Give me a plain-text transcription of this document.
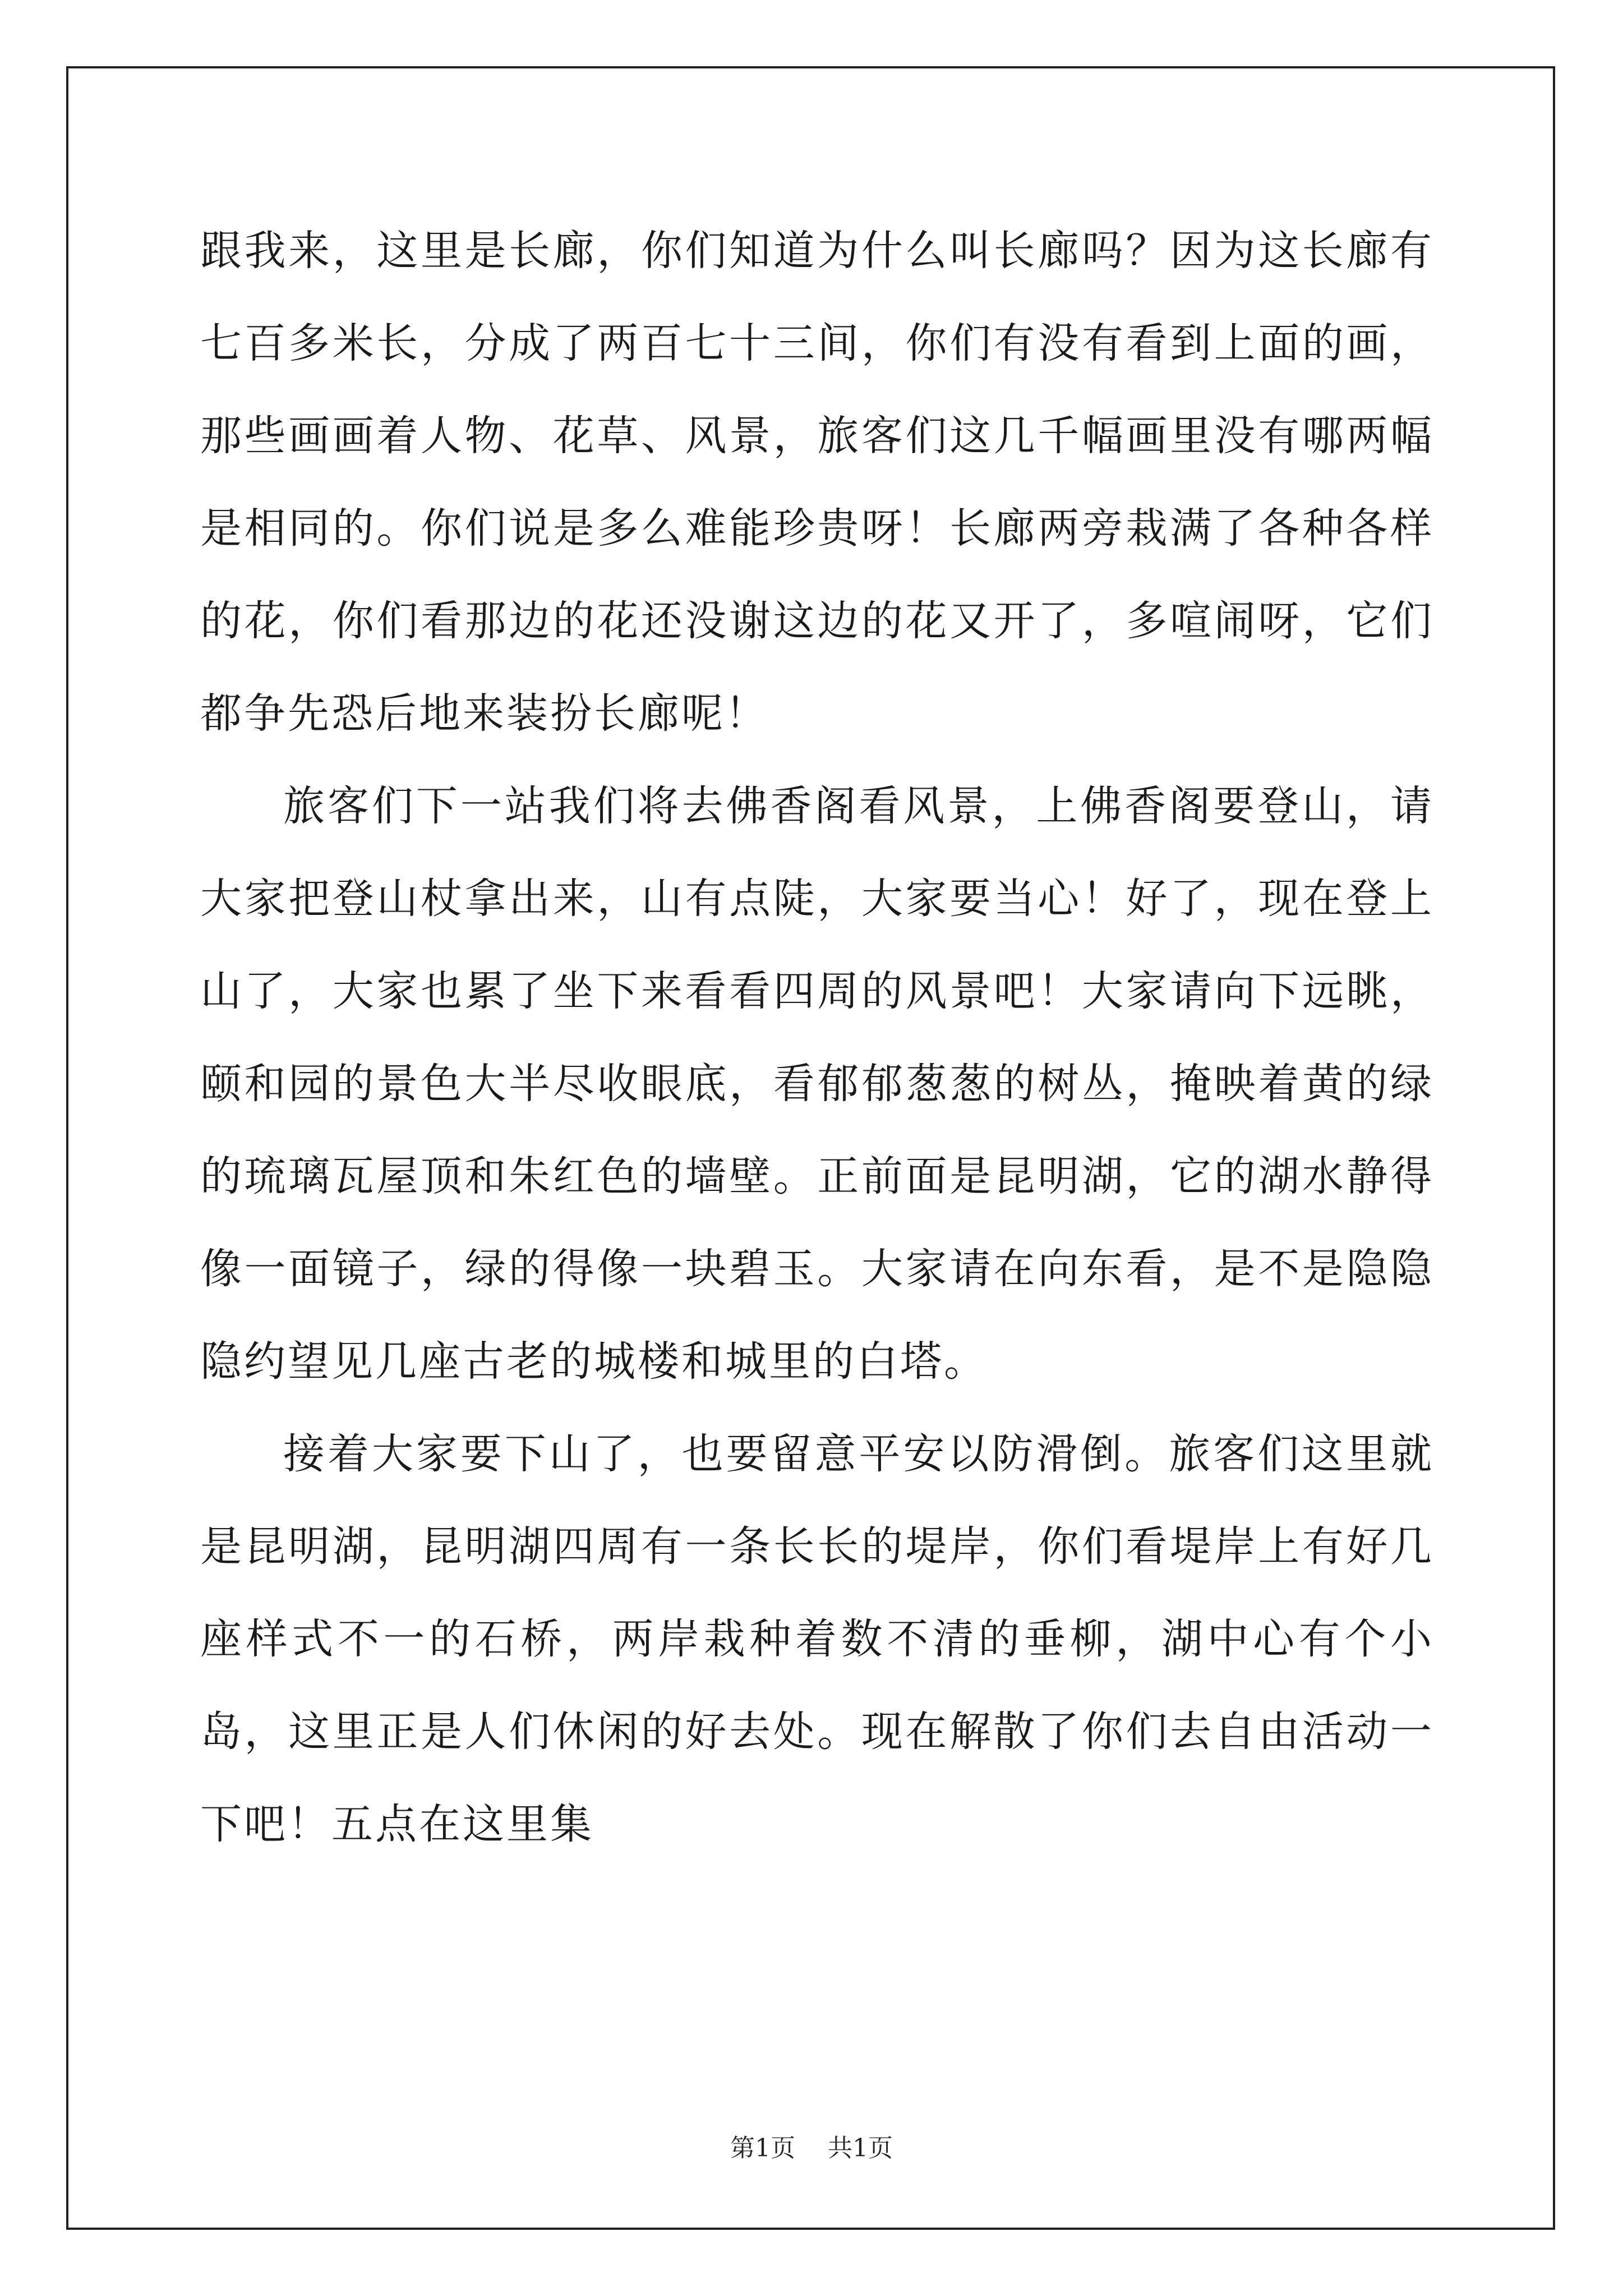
跟我来，这里是长廊，你们知道为什么叫长廊吗？因为这长廊有七百多米长，分成了两百七十三间，你们有没有看到上面的画，那些画画着人物、花草、风景，旅客们这几千幅画里没有哪两幅是相同的。你们说是多么难能珍贵呀！长廊两旁栽满了各种各样的花，你们看那边的花还没谢这边的花又开了，多喧闹呀，它们都争先恐后地来装扮长廊呢！

旅客们下一站我们将去佛香阁看风景，上佛香阁要登山，请大家把登山杖拿出来，山有点陡，大家要当心！好了，现在登上山了，大家也累了坐下来看看四周的风景吧！大家请向下远眺，颐和园的景色大半尽收眼底，看郁郁葱葱的树丛，掩映着黄的绿的琉璃瓦屋顶和朱红色的墙壁。正前面是昆明湖，它的湖水静得像一面镜子，绿的得像一块碧玉。大家请在向东看，是不是隐隐隐约望见几座古老的城楼和城里的白塔。

接着大家要下山了，也要留意平安以防滑倒。旅客们这里就是昆明湖，昆明湖四周有一条长长的堤岸，你们看堤岸上有好几座样式不一的石桥，两岸栽种着数不清的垂柳，湖中心有个小岛，这里正是人们休闲的好去处。现在解散了你们去自由活动一下吧！五点在这里集

第1页 共1页
